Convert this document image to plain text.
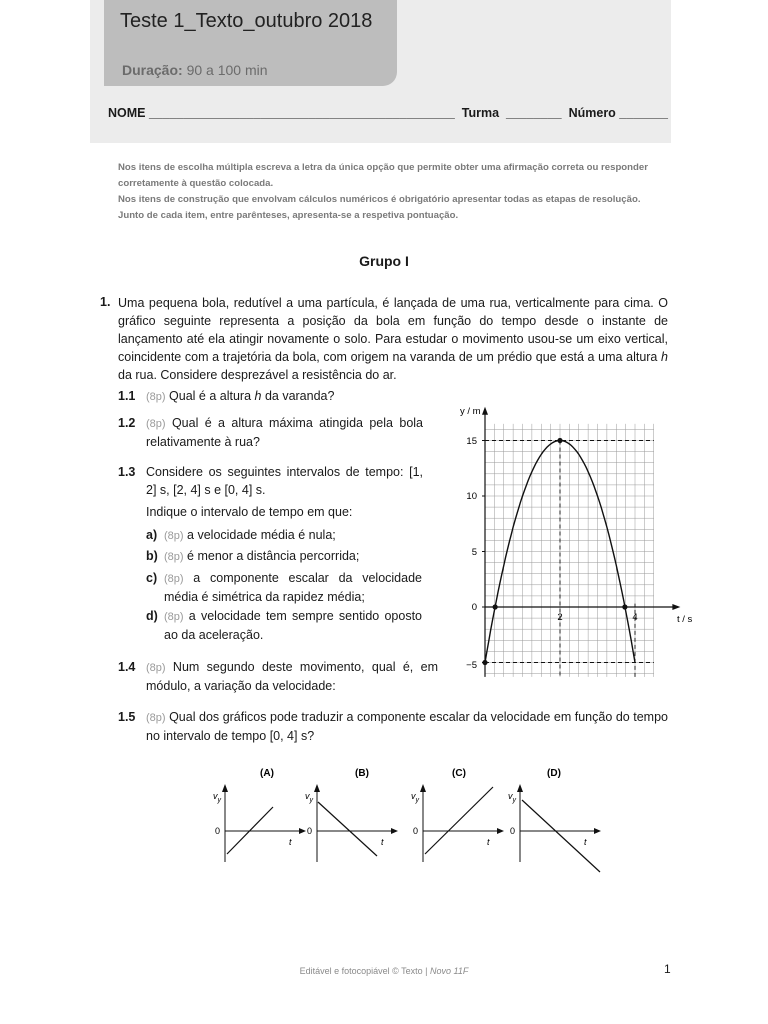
Teste 1_Texto_outubro 2018
Duração: 90 a 100 min
NOME ____________________________________________  Turma  ________  Número _______
Nos itens de escolha múltipla escreva a letra da única opção que permite obter uma afirmação correta ou responder
corretamente à questão colocada.
Nos itens de construção que envolvam cálculos numéricos é obrigatório apresentar todas as etapas de resolução.
Junto de cada item, entre parênteses, apresenta-se a respetiva pontuação.
Grupo I
1. Uma pequena bola, redutível a uma partícula, é lançada de uma rua, verticalmente para cima. O gráfico seguinte representa a posição da bola em função do tempo desde o instante de lançamento até ela atingir novamente o solo. Para estudar o movimento usou-se um eixo vertical, coincidente com a trajetória da bola, com origem na varanda de um prédio que está a uma altura h da rua. Considere desprezável a resistência do ar.
1.1 (8p) Qual é a altura h da varanda?
1.2 (8p) Qual é a altura máxima atingida pela bola relativamente à rua?
1.3 Considere os seguintes intervalos de tempo: [1, 2] s, [2, 4] s e [0, 4] s.
Indique o intervalo de tempo em que:
a) (8p) a velocidade média é nula;
b) (8p) é menor a distância percorrida;
c) (8p) a componente escalar da velocidade média é simétrica da rapidez média;
d) (8p) a velocidade tem sempre sentido oposto ao da aceleração.
1.4 (8p) Num segundo deste movimento, qual é, em módulo, a variação da velocidade:
1.5 (8p) Qual dos gráficos pode traduzir a componente escalar da velocidade em função do tempo no intervalo de tempo [0, 4] s?
y / m
t / s
15
10
5
0
−5
2	4
(A)
$v_y$
0
t
(B)
$v_y$
0
t
(C)
$v_y$
0
t
(D)
$v_y$
0
t
Editável e fotocopiável © Texto | Novo 11F	1
